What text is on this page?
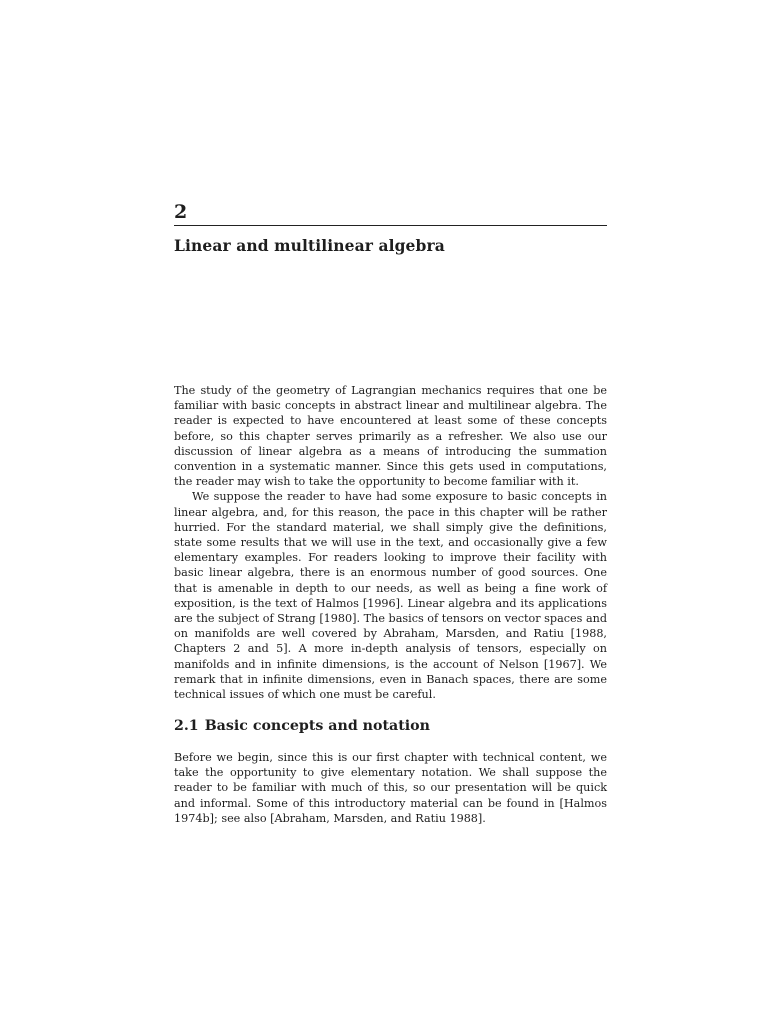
2
Linear and multilinear algebra

The study of the geometry of Lagrangian mechanics requires that one be familiar with basic concepts in abstract linear and multilinear algebra. The reader is expected to have encountered at least some of these concepts before, so this chapter serves primarily as a refresher. We also use our discussion of linear algebra as a means of introducing the summation convention in a systematic manner. Since this gets used in computations, the reader may wish to take the opportunity to become familiar with it.

We suppose the reader to have had some exposure to basic concepts in linear algebra, and, for this reason, the pace in this chapter will be rather hurried. For the standard material, we shall simply give the definitions, state some results that we will use in the text, and occasionally give a few elementary examples. For readers looking to improve their facility with basic linear algebra, there is an enormous number of good sources. One that is amenable in depth to our needs, as well as being a fine work of exposition, is the text of Halmos [1996]. Linear algebra and its applications are the subject of Strang [1980]. The basics of tensors on vector spaces and on manifolds are well covered by Abraham, Marsden, and Ratiu [1988, Chapters 2 and 5]. A more in-depth analysis of tensors, especially on manifolds and in infinite dimensions, is the account of Nelson [1967]. We remark that in infinite dimensions, even in Banach spaces, there are some technical issues of which one must be careful.

2.1 Basic concepts and notation

Before we begin, since this is our first chapter with technical content, we take the opportunity to give elementary notation. We shall suppose the reader to be familiar with much of this, so our presentation will be quick and informal. Some of this introductory material can be found in [Halmos 1974b]; see also [Abraham, Marsden, and Ratiu 1988].
